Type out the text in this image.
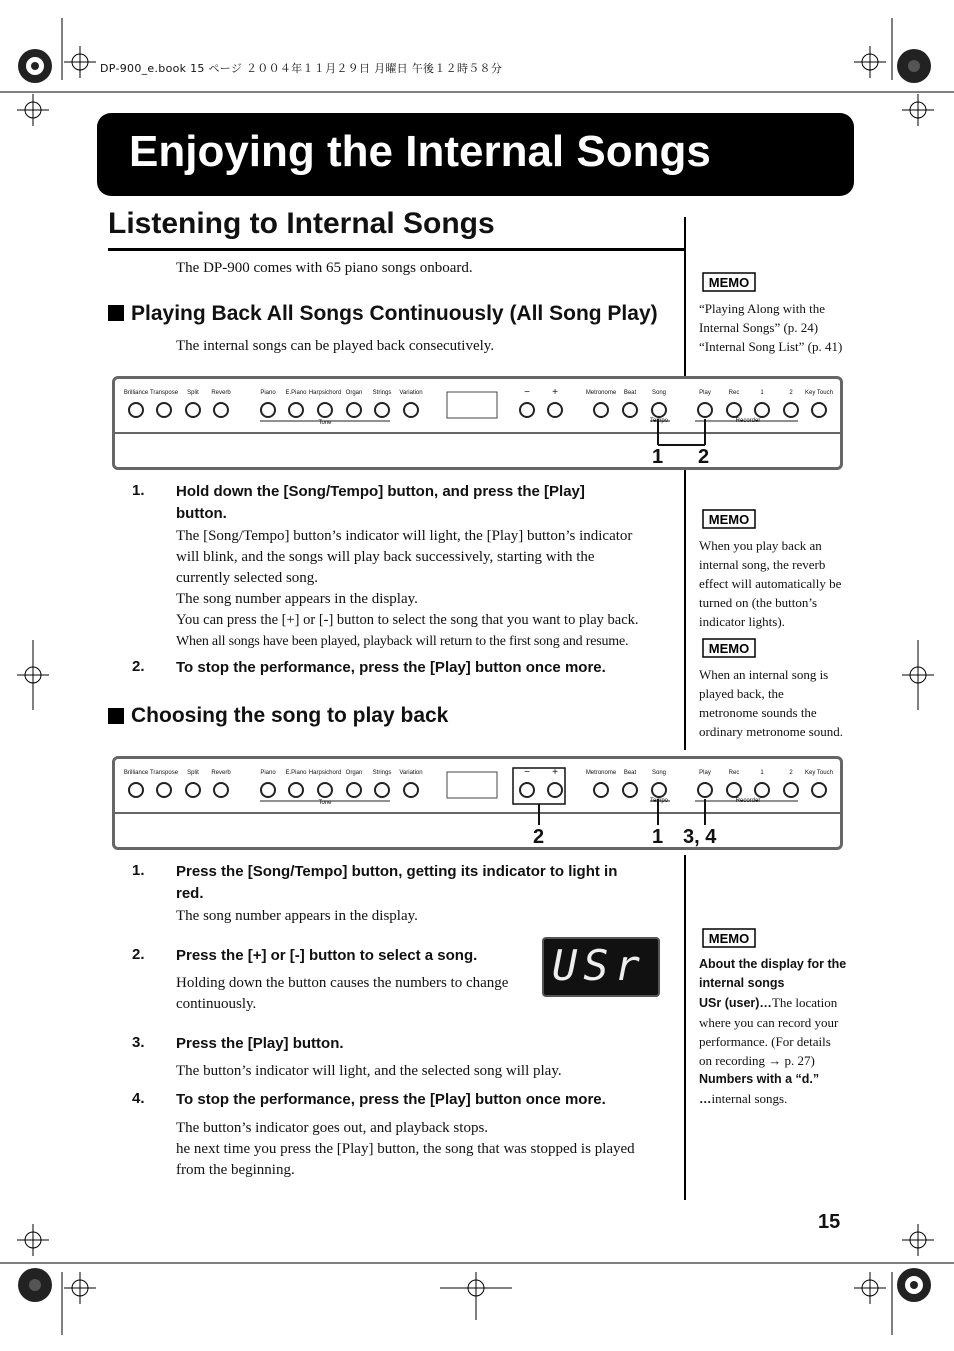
DP-900_e.book 15 ページ ２００４年１１月２９日 月曜日 午後１２時５８分
Enjoying the Internal Songs
Listening to Internal Songs
The DP-900 comes with 65 piano songs onboard.
MEMO
“Playing Along with the
Internal Songs” (p. 24)
“Internal Song List” (p. 41)
Playing Back All Songs Continuously (All Song Play)
The internal songs can be played back consecutively.
Brilliance Transpose	Split	Reverb	Piano	E.Piano Harpsichord Organ	Strings	Variation
Tone
−	+	Metronome	Beat	Song	Play	Rec	1	2	Key Touch
Tempo	Recorder
1 2
1. Hold down the [Song/Tempo] button, and press the [Play]
button.
The [Song/Tempo] button’s indicator will light, the [Play] button’s indicator
will blink, and the songs will play back successively, starting with the
currently selected song.
The song number appears in the display.
You can press the [+] or [-] button to select the song that you want to play back.
When all songs have been played, playback will return to the first song and resume.
2. To stop the performance, press the [Play] button once more.
MEMO
When you play back an
internal song, the reverb
effect will automatically be
turned on (the button’s
indicator lights).
MEMO
When an internal song is
played back, the
metronome sounds the
ordinary metronome sound.
Choosing the song to play back
Brilliance Transpose	Split	Reverb	Piano	E.Piano Harpsichord Organ	Strings	Variation
Tone
−	+	Metronome	Beat	Song	Play	Rec	1	2	Key Touch
Tempo	Recorder
2	1 3, 4
1. Press the [Song/Tempo] button, getting its indicator to light in
red.
The song number appears in the display.
2. Press the [+] or [-] button to select a song.
Holding down the button causes the numbers to change
continuously.
USr
3. Press the [Play] button.
The button’s indicator will light, and the selected song will play.
4. To stop the performance, press the [Play] button once more.
The button’s indicator goes out, and playback stops.
he next time you press the [Play] button, the song that was stopped is played
from the beginning.
MEMO
About the display for the
internal songs
USr (user)…The location
where you can record your
performance. (For details
on recording → p. 27)
Numbers with a “d.”
…internal songs.
15
